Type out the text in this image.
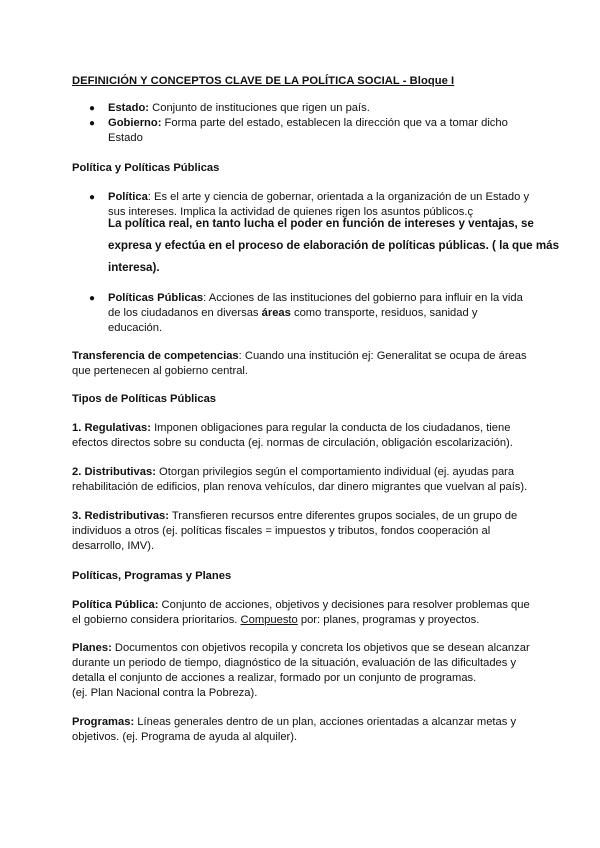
DEFINICIÓN Y CONCEPTOS CLAVE DE LA POLÍTICA SOCIAL - Bloque I
● Estado: Conjunto de instituciones que rigen un país.
● Gobierno: Forma parte del estado, establecen la dirección que va a tomar dicho Estado
Política y Políticas Públicas
● Política: Es el arte y ciencia de gobernar, orientada a la organización de un Estado y sus intereses. Implica la actividad de quienes rigen los asuntos públicos.ç
La política real, en tanto lucha el poder en función de intereses y ventajas, se expresa y efectúa en el proceso de elaboración de políticas públicas. ( la que más interesa).
● Políticas Públicas: Acciones de las instituciones del gobierno para influir en la vida de los ciudadanos en diversas áreas como transporte, residuos, sanidad y educación.
Transferencia de competencias: Cuando una institución ej: Generalitat se ocupa de áreas que pertenecen al gobierno central.
Tipos de Políticas Públicas
1. Regulativas: Imponen obligaciones para regular la conducta de los ciudadanos, tiene efectos directos sobre su conducta (ej. normas de circulación, obligación escolarización).
2. Distributivas: Otorgan privilegios según el comportamiento individual (ej. ayudas para rehabilitación de edificios, plan renova vehículos, dar dinero migrantes que vuelvan al país).
3. Redistributivas: Transfieren recursos entre diferentes grupos sociales, de un grupo de individuos a otros (ej. políticas fiscales = impuestos y tributos, fondos cooperación al desarrollo, IMV).
Políticas, Programas y Planes
Política Pública: Conjunto de acciones, objetivos y decisiones para resolver problemas que el gobierno considera prioritarios. Compuesto por: planes, programas y proyectos.
Planes: Documentos con objetivos recopila y concreta los objetivos que se desean alcanzar durante un periodo de tiempo, diagnóstico de la situación, evaluación de las dificultades y detalla el conjunto de acciones a realizar, formado por un conjunto de programas.
(ej. Plan Nacional contra la Pobreza).
Programas: Líneas generales dentro de un plan, acciones orientadas a alcanzar metas y objetivos. (ej. Programa de ayuda al alquiler).
